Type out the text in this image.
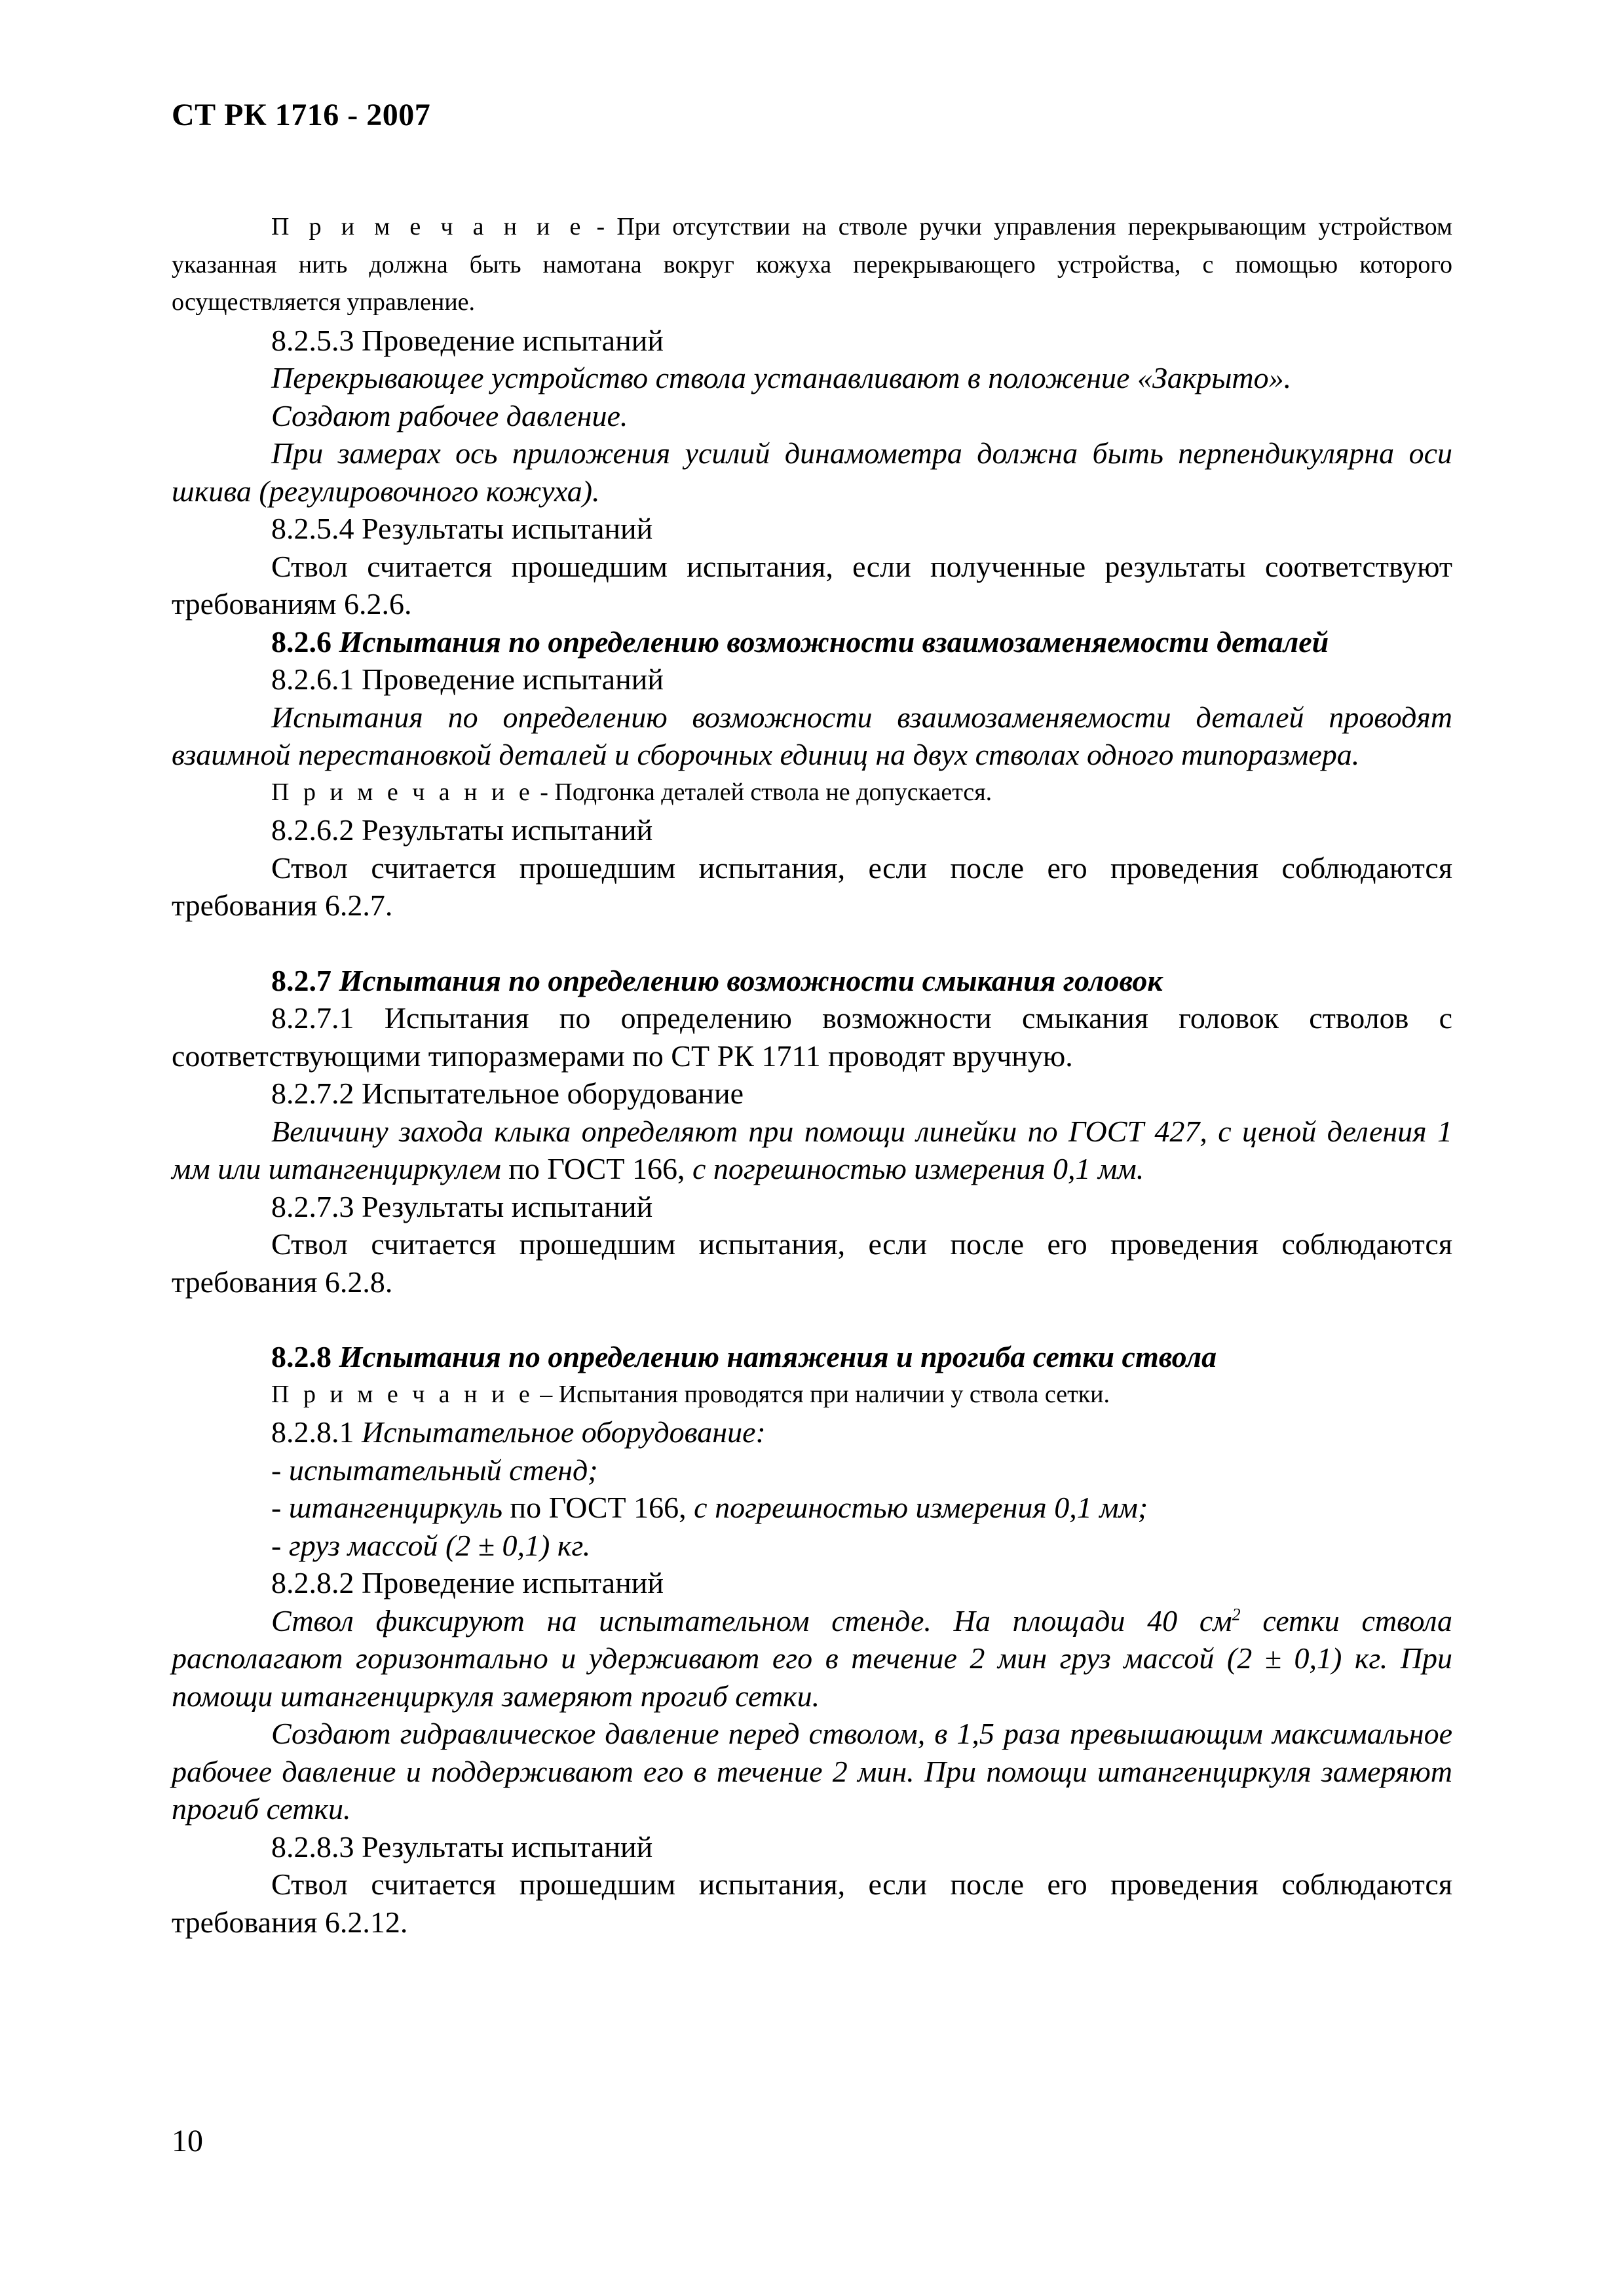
СТ РК 1716 - 2007

П р и м е ч а н и е - При отсутствии на стволе ручки управления перекрывающим устройством указанная нить должна быть намотана вокруг кожуха перекрывающего устройства, с помощью которого осуществляется управление.

8.2.5.3 Проведение испытаний

Перекрывающее устройство ствола устанавливают в положение «Закрыто».

Создают рабочее давление.

При замерах ось приложения усилий динамометра должна быть перпендикулярна оси шкива (регулировочного кожуха).

8.2.5.4 Результаты испытаний

Ствол считается прошедшим испытания, если полученные результаты соответствуют требованиям 6.2.6.

8.2.6 Испытания по определению возможности взаимозаменяемости деталей

8.2.6.1 Проведение испытаний

Испытания по определению возможности взаимозаменяемости деталей проводят взаимной перестановкой деталей и сборочных единиц на двух стволах одного типоразмера.

П р и м е ч а н и е - Подгонка деталей ствола не допускается.

8.2.6.2 Результаты испытаний

Ствол считается прошедшим испытания, если после его проведения соблюдаются требования 6.2.7.

8.2.7 Испытания по определению возможности смыкания головок

8.2.7.1 Испытания по определению возможности смыкания головок стволов с соответствующими типоразмерами по СТ РК 1711 проводят вручную.

8.2.7.2 Испытательное оборудование

Величину захода клыка определяют при помощи линейки по ГОСТ 427, с ценой деления 1 мм или штангенциркулем по ГОСТ 166, с погрешностью измерения 0,1 мм.

8.2.7.3 Результаты испытаний

Ствол считается прошедшим испытания, если после его проведения соблюдаются требования 6.2.8.

8.2.8 Испытания по определению натяжения и прогиба сетки ствола

П р и м е ч а н и е – Испытания проводятся при наличии у ствола сетки.

8.2.8.1 Испытательное оборудование:

- испытательный стенд;

- штангенциркуль по ГОСТ 166, с погрешностью измерения 0,1 мм;

- груз массой (2 ± 0,1) кг.

8.2.8.2 Проведение испытаний

Ствол фиксируют на испытательном стенде. На площади 40 $см^2$ сетки ствола располагают горизонтально и удерживают его в течение 2 мин груз массой (2 ± 0,1) кг. При помощи штангенциркуля замеряют прогиб сетки.

Создают гидравлическое давление перед стволом, в 1,5 раза превышающим максимальное рабочее давление и поддерживают его в течение 2 мин. При помощи штангенциркуля замеряют прогиб сетки.

8.2.8.3 Результаты испытаний

Ствол считается прошедшим испытания, если после его проведения соблюдаются требования 6.2.12.

10
